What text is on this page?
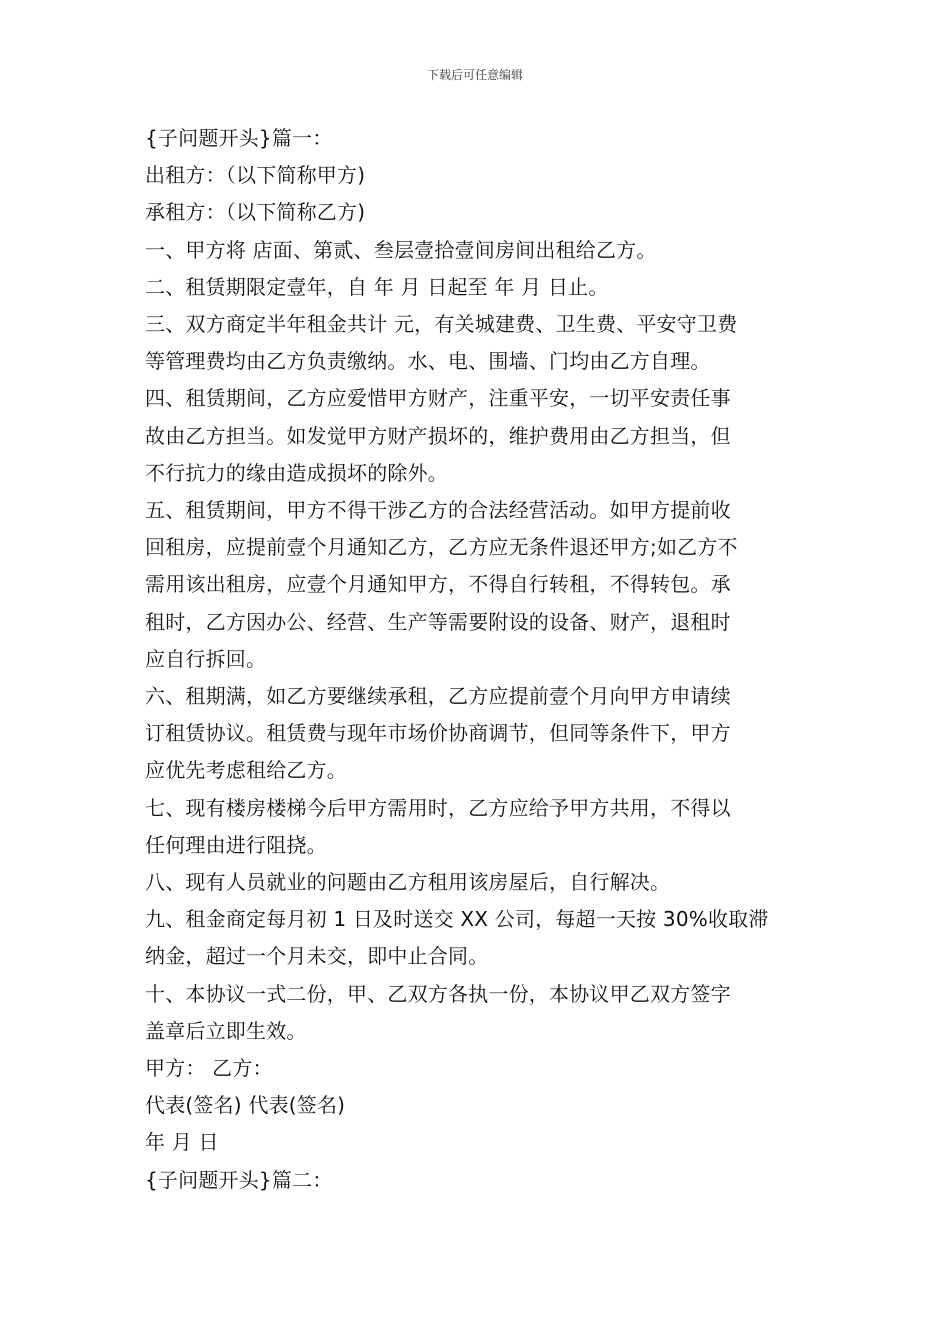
下载后可任意编辑
{子问题开头}篇一：
出租方：（以下简称甲方)
承租方：（以下简称乙方)
一、甲方将 店面、第贰、叁层壹拾壹间房间出租给乙方。
二、租赁期限定壹年，自 年 月 日起至 年 月 日止。
三、双方商定半年租金共计 元，有关城建费、卫生费、平安守卫费
等管理费均由乙方负责缴纳。水、电、围墙、门均由乙方自理。
四、租赁期间，乙方应爱惜甲方财产，注重平安，一切平安责任事
故由乙方担当。如发觉甲方财产损坏的，维护费用由乙方担当，但
不行抗力的缘由造成损坏的除外。
五、租赁期间，甲方不得干涉乙方的合法经营活动。如甲方提前收
回租房，应提前壹个月通知乙方，乙方应无条件退还甲方;如乙方不
需用该出租房，应壹个月通知甲方，不得自行转租，不得转包。承
租时，乙方因办公、经营、生产等需要附设的设备、财产，退租时
应自行拆回。
六、租期满，如乙方要继续承租，乙方应提前壹个月向甲方申请续
订租赁协议。租赁费与现年市场价协商调节，但同等条件下，甲方
应优先考虑租给乙方。
七、现有楼房楼梯今后甲方需用时，乙方应给予甲方共用，不得以
任何理由进行阻挠。
八、现有人员就业的问题由乙方租用该房屋后，自行解决。
九、租金商定每月初 1 日及时送交 XX 公司，每超一天按 30%收取滞
纳金，超过一个月未交，即中止合同。
十、本协议一式二份，甲、乙双方各执一份，本协议甲乙双方签字
盖章后立即生效。
甲方： 乙方：
代表(签名) 代表(签名)
年 月 日
{子问题开头}篇二：
